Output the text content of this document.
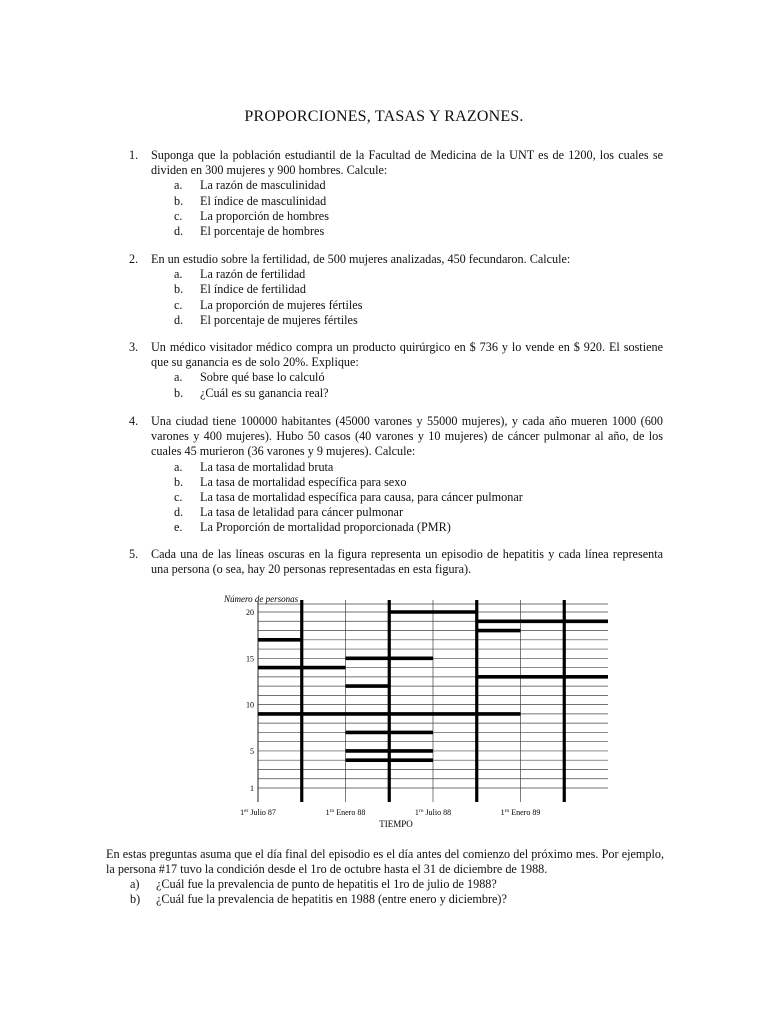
PROPORCIONES, TASAS Y RAZONES.
1. Suponga que la población estudiantil de la Facultad de Medicina de la UNT es de 1200, los cuales se dividen en 300 mujeres y 900 hombres. Calcule:
a. La razón de masculinidad
b. El índice de masculinidad
c. La proporción de hombres
d. El porcentaje de hombres
2. En un estudio sobre la fertilidad, de 500 mujeres analizadas, 450 fecundaron. Calcule:
a. La razón de fertilidad
b. El índice de fertilidad
c. La proporción de mujeres fértiles
d. El porcentaje de mujeres fértiles
3. Un médico visitador médico compra un producto quirúrgico en $ 736 y lo vende en $ 920. El sostiene que su ganancia es de solo 20%. Explique:
a. Sobre qué base lo calculó
b. ¿Cuál es su ganancia real?
4. Una ciudad tiene 100000 habitantes (45000 varones y 55000 mujeres), y cada año mueren 1000 (600 varones y 400 mujeres). Hubo 50 casos (40 varones y 10 mujeres) de cáncer pulmonar al año, de los cuales 45 murieron (36 varones y 9 mujeres). Calcule:
a. La tasa de mortalidad bruta
b. La tasa de mortalidad específica para sexo
c. La tasa de mortalidad específica para causa, para cáncer pulmonar
d. La tasa de letalidad para cáncer pulmonar
e. La Proporción de mortalidad proporcionada (PMR)
5. Cada una de las líneas oscuras en la figura representa un episodio de hepatitis y cada línea representa una persona (o sea, hay 20 personas representadas en esta figura).
Número de personas
20
15
10
5
1
1er Julio 87	$1^{ro}$ Enero 88	$1^{ro}$ Julio 88	$1^{ro}$ Enero 89
TIEMPO
En estas preguntas asuma que el día final del episodio es el día antes del comienzo del próximo mes. Por ejemplo, la persona #17 tuvo la condición desde el 1ro de octubre hasta el 31 de diciembre de 1988.
a) ¿Cuál fue la prevalencia de punto de hepatitis el 1ro de julio de 1988?
b) ¿Cuál fue la prevalencia de hepatitis en 1988 (entre enero y diciembre)?
